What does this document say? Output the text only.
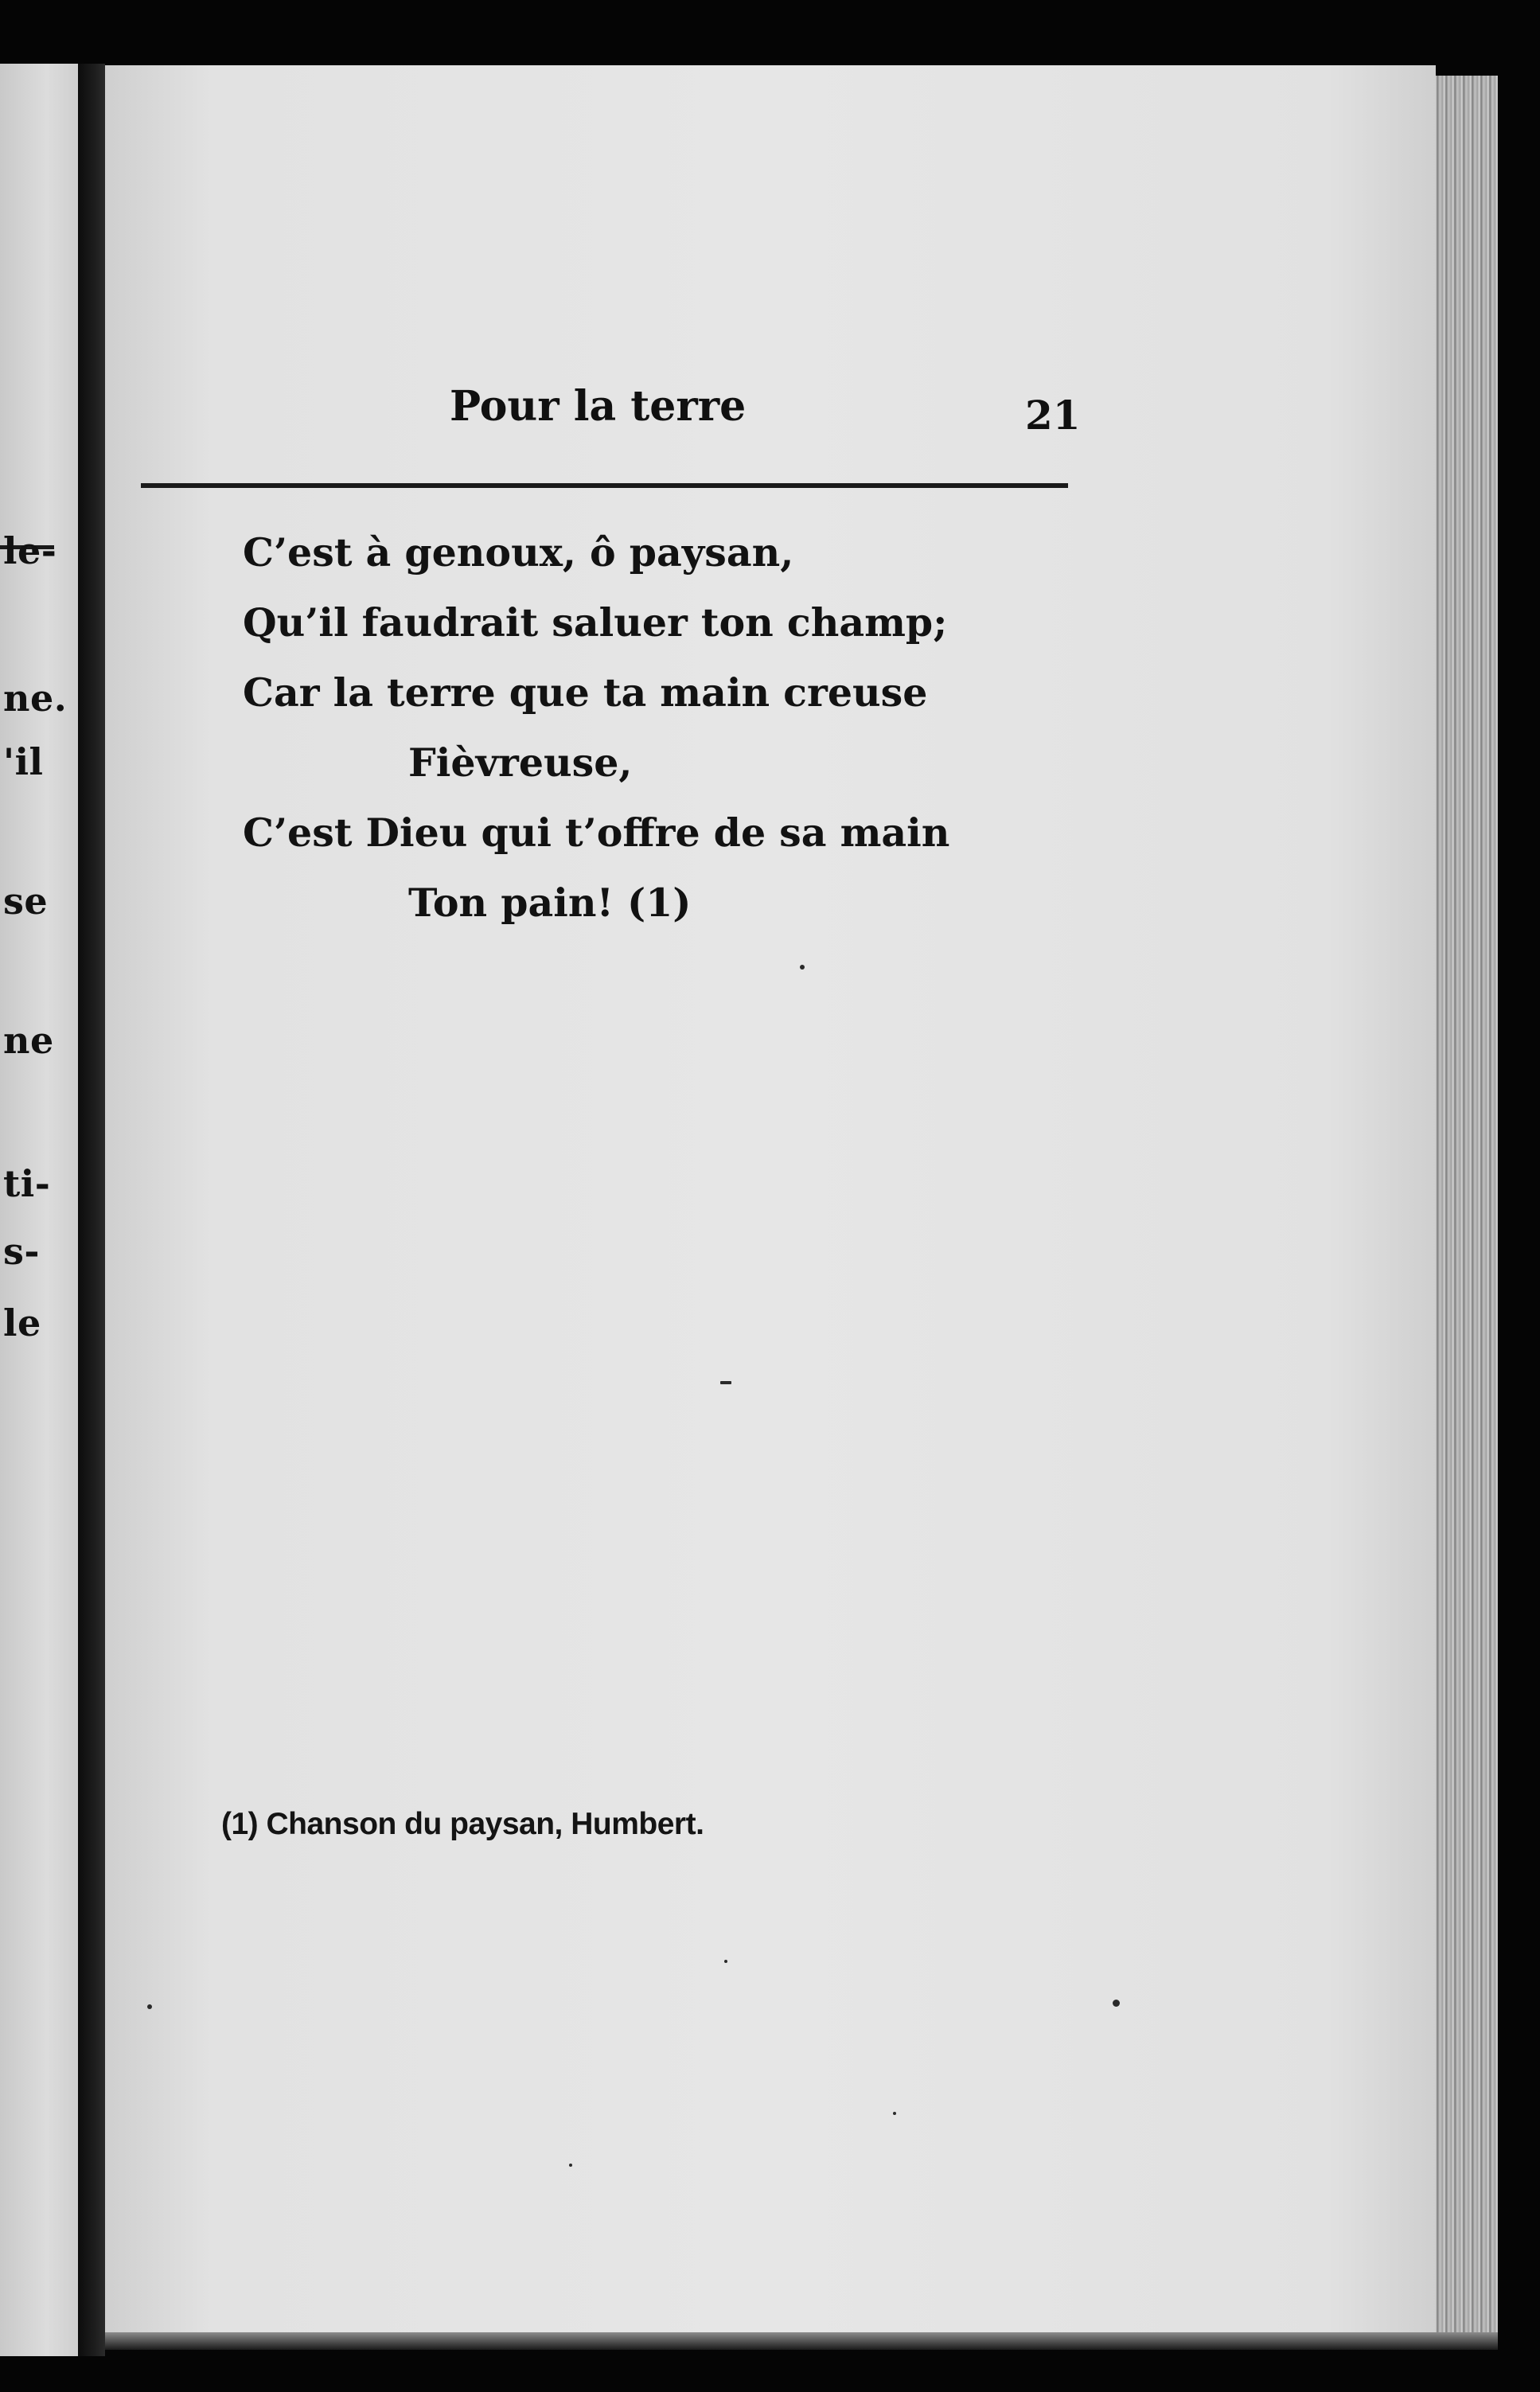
le-
ne.
'il
se
ne
ti-
s-
le
Pour la terre	21
C’est à genoux, ô paysan,
Qu’il faudrait saluer ton champ;
Car la terre que ta main creuse
Fièvreuse,
C’est Dieu qui t’offre de sa main
Ton pain! (1)
(1) Chanson du paysan, Humbert.
